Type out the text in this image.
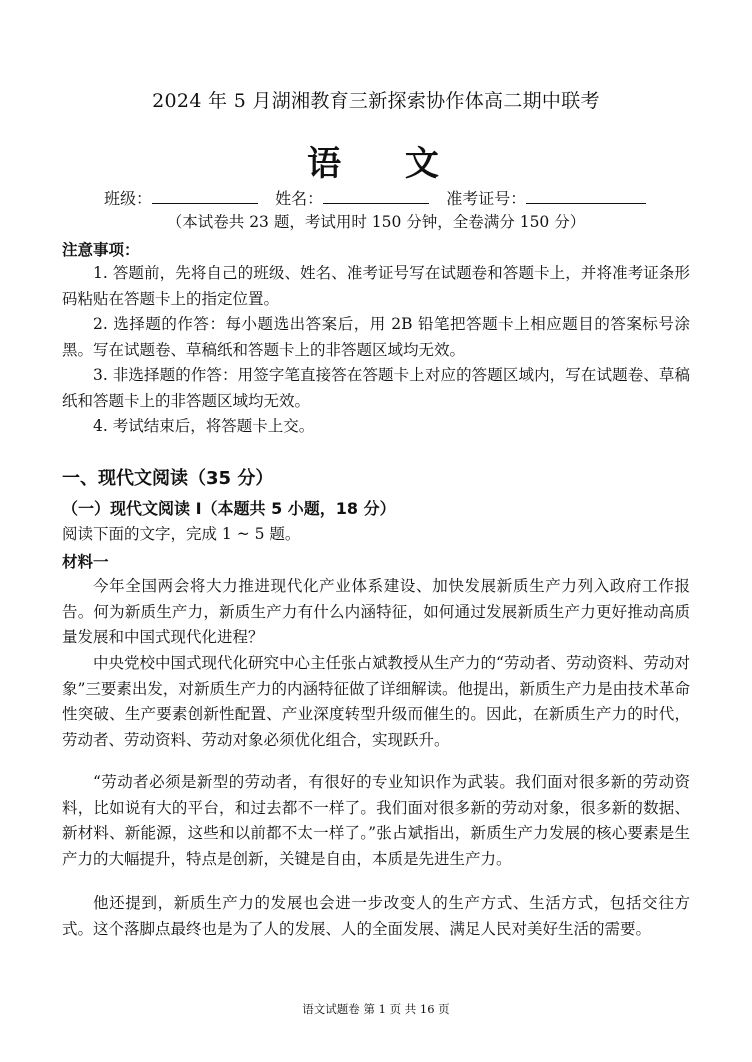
2024 年 5 月湖湘教育三新探索协作体高二期中联考
语 文
班级：	姓名：	准考证号：
（本试卷共 23 题，考试用时 150 分钟，全卷满分 150 分）
注意事项：
1. 答题前，先将自己的班级、姓名、准考证号写在试题卷和答题卡上，并将准考证条形码粘贴在答题卡上的指定位置。
2. 选择题的作答：每小题选出答案后，用 2B 铅笔把答题卡上相应题目的答案标号涂黑。写在试题卷、草稿纸和答题卡上的非答题区域均无效。
3. 非选择题的作答：用签字笔直接答在答题卡上对应的答题区域内，写在试题卷、草稿纸和答题卡上的非答题区域均无效。
4. 考试结束后，将答题卡上交。
一、现代文阅读（35 分）
（一）现代文阅读 I（本题共 5 小题，18 分）
阅读下面的文字，完成 1 ~ 5 题。
材料一
今年全国两会将大力推进现代化产业体系建设、加快发展新质生产力列入政府工作报告。何为新质生产力，新质生产力有什么内涵特征，如何通过发展新质生产力更好推动高质量发展和中国式现代化进程？
中央党校中国式现代化研究中心主任张占斌教授从生产力的“劳动者、劳动资料、劳动对象”三要素出发，对新质生产力的内涵特征做了详细解读。他提出，新质生产力是由技术革命性突破、生产要素创新性配置、产业深度转型升级而催生的。因此，在新质生产力的时代，劳动者、劳动资料、劳动对象必须优化组合，实现跃升。
“劳动者必须是新型的劳动者，有很好的专业知识作为武装。我们面对很多新的劳动资料，比如说有大的平台，和过去都不一样了。我们面对很多新的劳动对象，很多新的数据、新材料、新能源，这些和以前都不太一样了。”张占斌指出，新质生产力发展的核心要素是生产力的大幅提升，特点是创新，关键是自由，本质是先进生产力。
他还提到，新质生产力的发展也会进一步改变人的生产方式、生活方式，包括交往方式。这个落脚点最终也是为了人的发展、人的全面发展、满足人民对美好生活的需要。
语文试题卷 第 1 页 共 16 页
